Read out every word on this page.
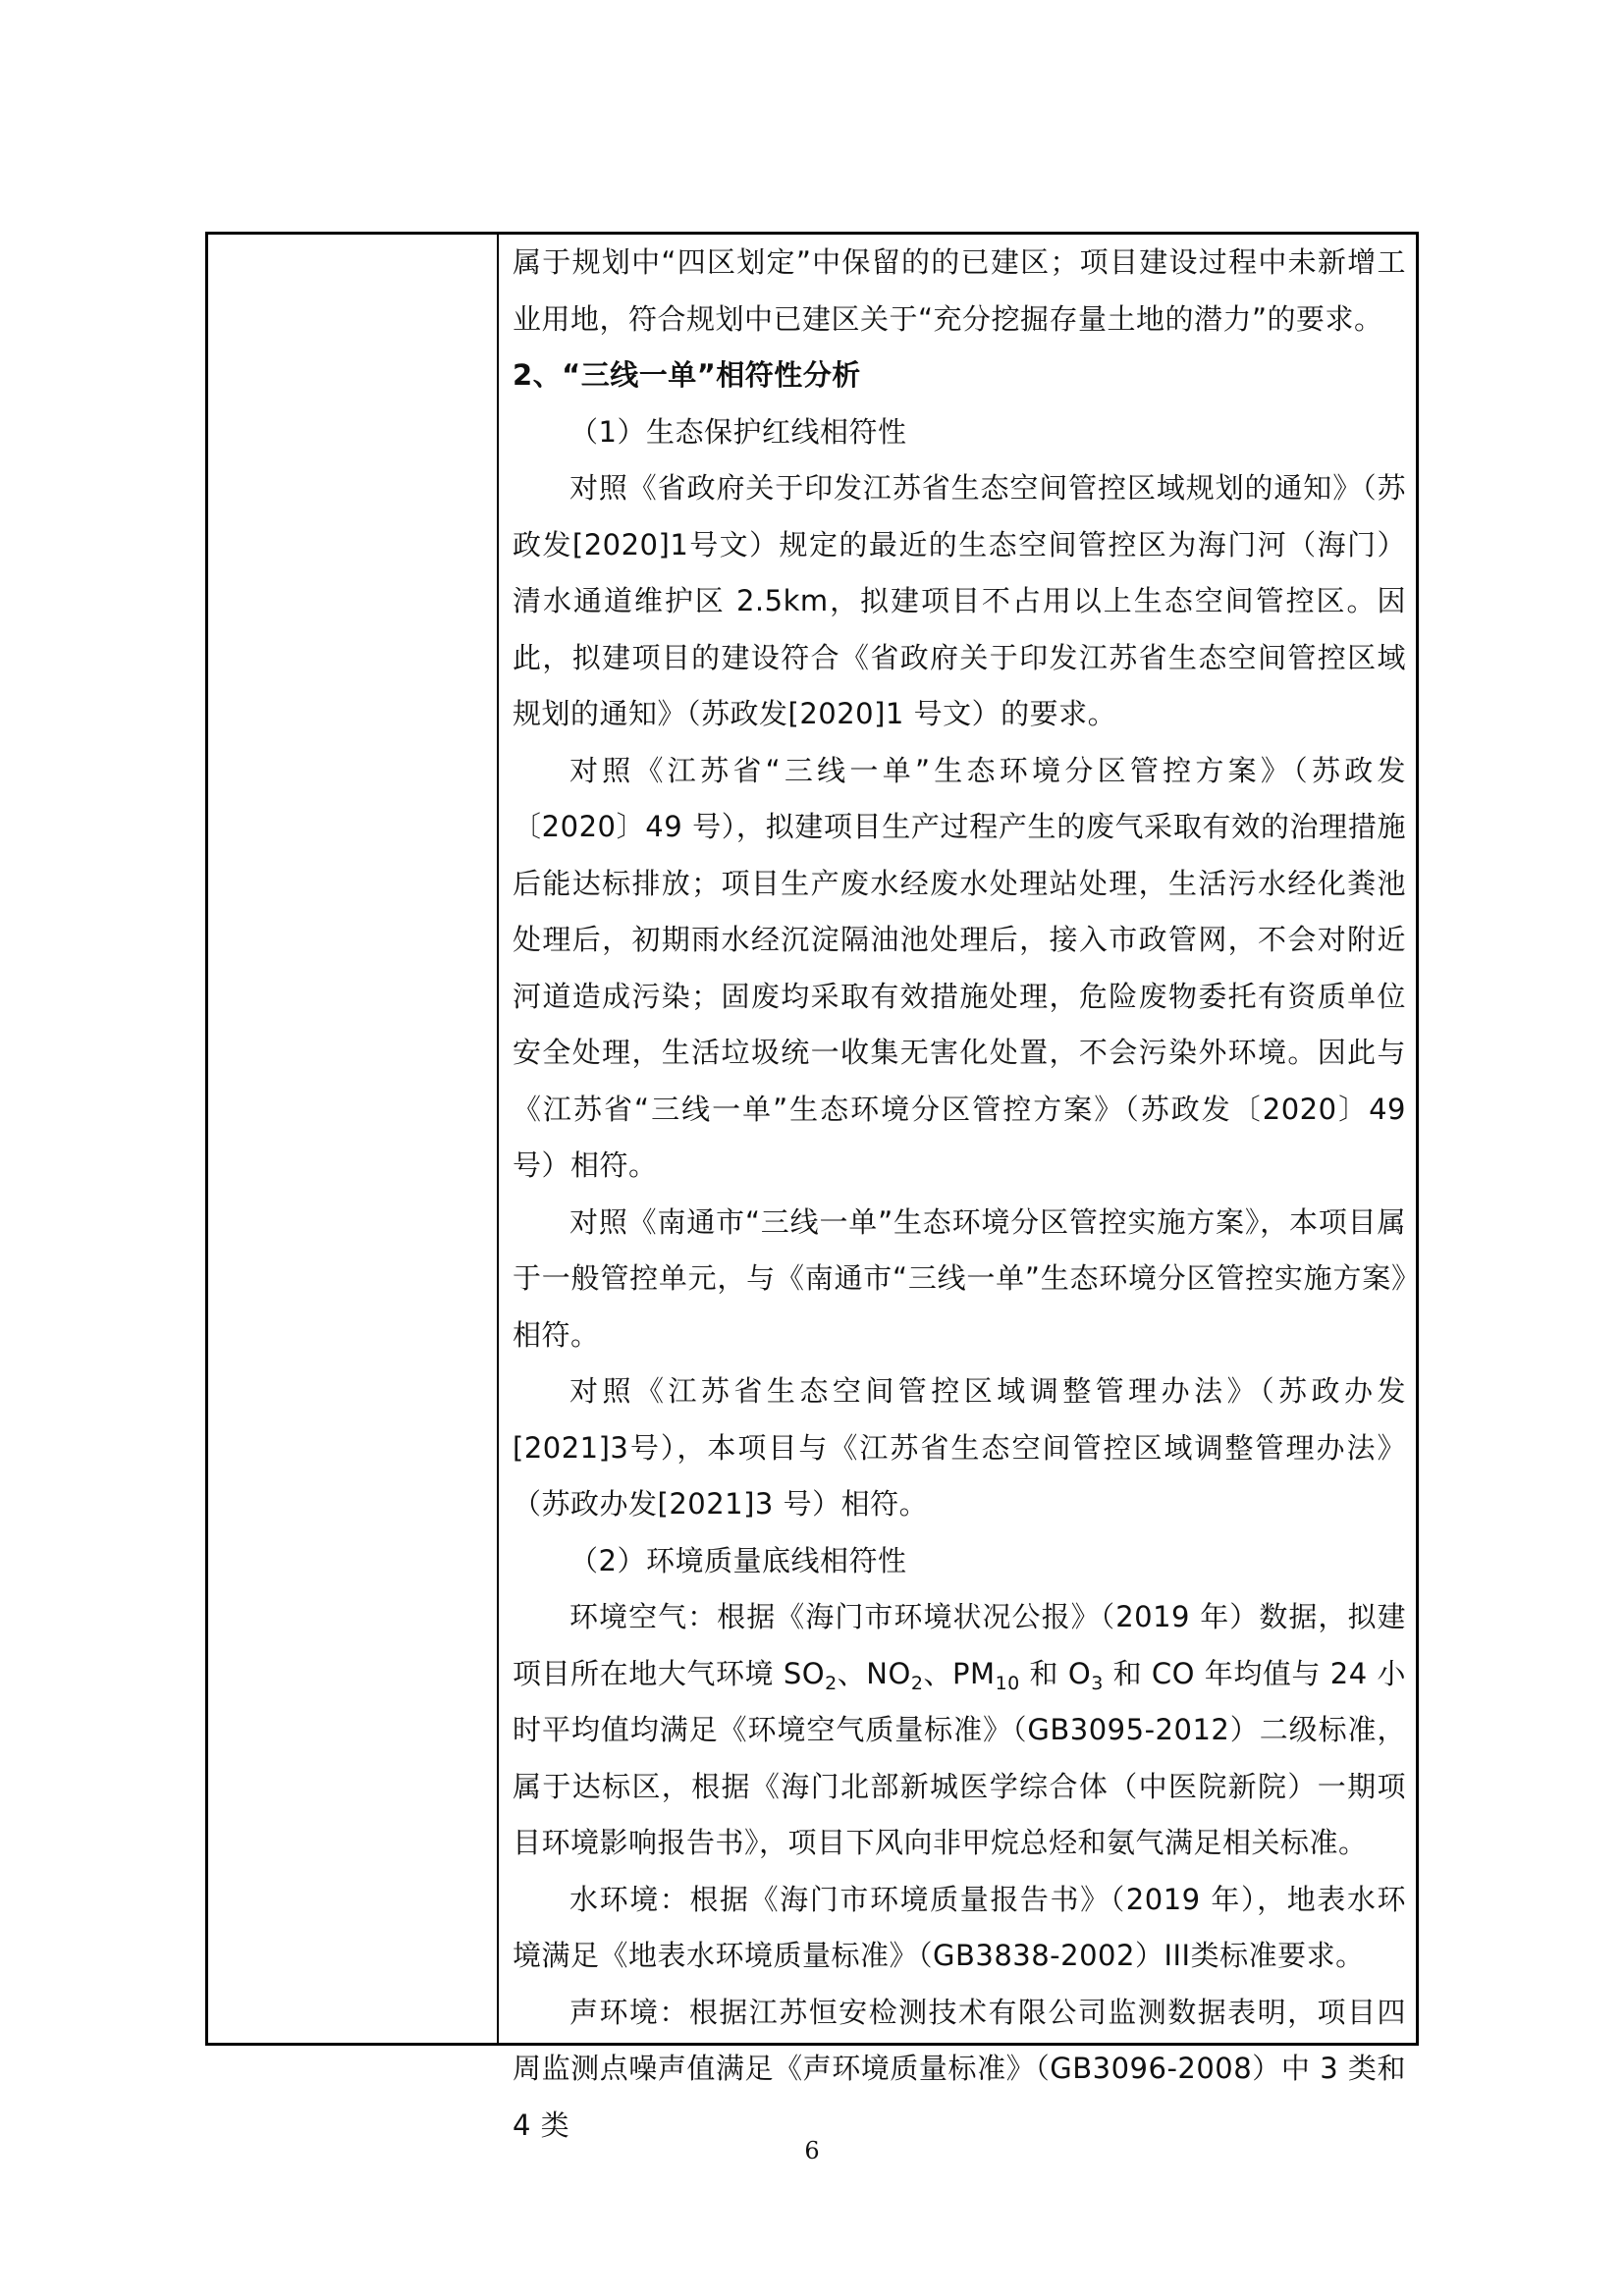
属于规划中“四区划定”中保留的的已建区；项目建设过程中未新增工业用地，符合规划中已建区关于“充分挖掘存量土地的潜力”的要求。

2、“三线一单”相符性分析

（1）生态保护红线相符性

对照《省政府关于印发江苏省生态空间管控区域规划的通知》（苏政发[2020]1号文）规定的最近的生态空间管控区为海门河（海门）清水通道维护区 2.5km，拟建项目不占用以上生态空间管控区。因此，拟建项目的建设符合《省政府关于印发江苏省生态空间管控区域规划的通知》（苏政发[2020]1 号文）的要求。

对照《江苏省“三线一单”生态环境分区管控方案》（苏政发〔2020〕49 号），拟建项目生产过程产生的废气采取有效的治理措施后能达标排放；项目生产废水经废水处理站处理，生活污水经化粪池处理后，初期雨水经沉淀隔油池处理后，接入市政管网，不会对附近河道造成污染；固废均采取有效措施处理，危险废物委托有资质单位安全处理，生活垃圾统一收集无害化处置，不会污染外环境。因此与《江苏省“三线一单”生态环境分区管控方案》（苏政发〔2020〕49 号）相符。

对照《南通市“三线一单”生态环境分区管控实施方案》，本项目属于一般管控单元，与《南通市“三线一单”生态环境分区管控实施方案》相符。

对照《江苏省生态空间管控区域调整管理办法》（苏政办发[2021]3号），本项目与《江苏省生态空间管控区域调整管理办法》（苏政办发[2021]3 号）相符。

（2）环境质量底线相符性

环境空气：根据《海门市环境状况公报》（2019 年）数据，拟建项目所在地大气环境 $SO_2$、$NO_2$、$PM_{10}$ 和 $O_3$ 和 CO 年均值与 24 小时平均值均满足《环境空气质量标准》（GB3095-2012）二级标准，属于达标区，根据《海门北部新城医学综合体（中医院新院）一期项目环境影响报告书》，项目下风向非甲烷总烃和氨气满足相关标准。

水环境：根据《海门市环境质量报告书》（2019 年），地表水环境满足《地表水环境质量标准》（GB3838-2002）III类标准要求。

声环境：根据江苏恒安检测技术有限公司监测数据表明，项目四周监测点噪声值满足《声环境质量标准》（GB3096-2008）中 3 类和 4 类

6
